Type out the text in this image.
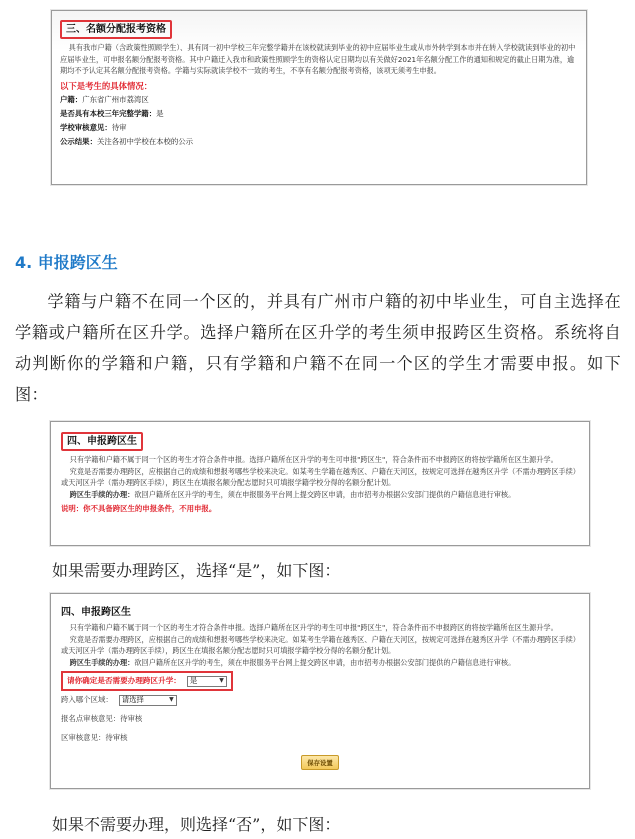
三、名额分配报考资格

具有我市户籍（含政策性照顾学生）、具有同一初中学校三年完整学籍并在该校就读到毕业的初中应届毕业生或从市外转学到本市并在转入学校就读到毕业的初中应届毕业生，可申报名额分配报考资格。其中户籍迁入我市和政策性照顾学生的资格认定日期均以有关做好2021年名额分配工作的通知和规定的截止日期为准，逾期均不予认定其名额分配报考资格。学籍与实际就读学校不一致的考生，不享有名额分配报考资格，该项无须考生申报。

以下是考生的具体情况：

户籍：广东省广州市荔湾区

是否具有本校三年完整学籍：是

学校审核意见：待审

公示结果：关注各初中学校在本校的公示

4. 申报跨区生

学籍与户籍不在同一个区的，并具有广州市户籍的初中毕业生，可自主选择在学籍或户籍所在区升学。选择户籍所在区升学的考生须申报跨区生资格。系统将自动判断你的学籍和户籍，只有学籍和户籍不在同一个区的学生才需要申报。如下图：

四、申报跨区生

只有学籍和户籍不属于同一个区的考生才符合条件申报。选择户籍所在区升学的考生可申报"跨区生"，符合条件而不申报跨区的将按学籍所在区生源升学。

究竟是否需要办理跨区，应根据自己的成绩和想报考哪些学校来决定。如某考生学籍在越秀区、户籍在天河区，按规定可选择在越秀区升学（不需办理跨区手续）或天河区升学（需办理跨区手续），跨区生在填报名额分配志愿时只可填报学籍学校分得的名额分配计划。

跨区生手续的办理：欲回户籍所在区升学的考生，须在申报服务平台网上提交跨区申请，由市招考办根据公安部门提供的户籍信息进行审核。

说明：你不具备跨区生的申报条件，不用申报。

如果需要办理跨区，选择“是”，如下图：

四、申报跨区生

只有学籍和户籍不属于同一个区的考生才符合条件申报。选择户籍所在区升学的考生可申报"跨区生"，符合条件而不申报跨区的将按学籍所在区生源升学。

究竟是否需要办理跨区，应根据自己的成绩和想报考哪些学校来决定。如某考生学籍在越秀区、户籍在天河区，按规定可选择在越秀区升学（不需办理跨区手续）或天河区升学（需办理跨区手续），跨区生在填报名额分配志愿时只可填报学籍学校分得的名额分配计划。

跨区生手续的办理：欲回户籍所在区升学的考生，须在申报服务平台网上提交跨区申请，由市招考办根据公安部门提供的户籍信息进行审核。

请你确定是否需要办理跨区升学： 是	▼
跨入哪个区域： 请选择	▼

报名点审核意见：待审核

区审核意见：待审核

保存设置

如果不需要办理，则选择“否”，如下图：
